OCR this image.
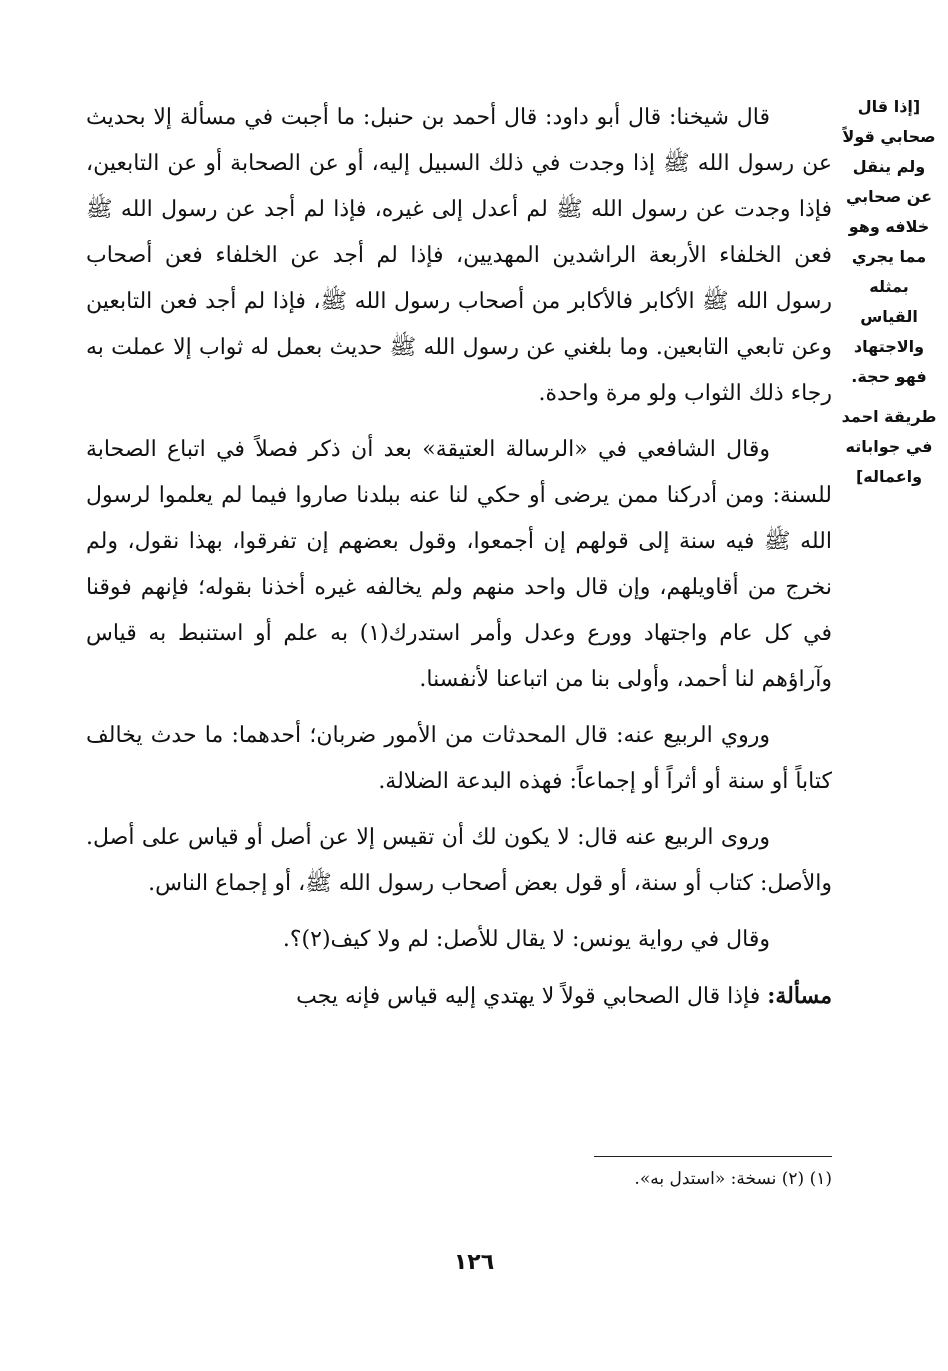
[إذا قال صحابي قولاً ولم ينقل عن صحابي خلافه وهو مما يجري بمثله القياس والاجتهاد فهو حجة.
طريقة احمد في جواباته واعماله]

قال شيخنا: قال أبو داود: قال أحمد بن حنبل: ما أجبت في مسألة إلا بحديث عن رسول الله ﷺ إذا وجدت في ذلك السبيل إليه، أو عن الصحابة أو عن التابعين، فإذا وجدت عن رسول الله ﷺ لم أعدل إلى غيره، فإذا لم أجد عن رسول الله ﷺ فعن الخلفاء الأربعة الراشدين المهديين، فإذا لم أجد عن الخلفاء فعن أصحاب رسول الله ﷺ الأكابر فالأكابر من أصحاب رسول الله ﷺ، فإذا لم أجد فعن التابعين وعن تابعي التابعين. وما بلغني عن رسول الله ﷺ حديث بعمل له ثواب إلا عملت به رجاء ذلك الثواب ولو مرة واحدة.

وقال الشافعي في «الرسالة العتيقة» بعد أن ذكر فصلاً في اتباع الصحابة للسنة: ومن أدركنا ممن يرضى أو حكي لنا عنه ببلدنا صاروا فيما لم يعلموا لرسول الله ﷺ فيه سنة إلى قولهم إن أجمعوا، وقول بعضهم إن تفرقوا، بهذا نقول، ولم نخرج من أقاويلهم، وإن قال واحد منهم ولم يخالفه غيره أخذنا بقوله؛ فإنهم فوقنا في كل عام واجتهاد وورع وعدل وأمر استدرك(١) به علم أو استنبط به قياس وآراؤهم لنا أحمد، وأولى بنا من اتباعنا لأنفسنا.

وروي الربيع عنه: قال المحدثات من الأمور ضربان؛ أحدهما: ما حدث يخالف كتاباً أو سنة أو أثراً أو إجماعاً: فهذه البدعة الضلالة.

وروى الربيع عنه قال: لا يكون لك أن تقيس إلا عن أصل أو قياس على أصل. والأصل: كتاب أو سنة، أو قول بعض أصحاب رسول الله ﷺ، أو إجماع الناس.

وقال في رواية يونس: لا يقال للأصل: لم ولا كيف(٢)؟.

مسألة: فإذا قال الصحابي قولاً لا يهتدي إليه قياس فإنه يجب

(١) (٢) نسخة: «استدل به».
١٢٦
